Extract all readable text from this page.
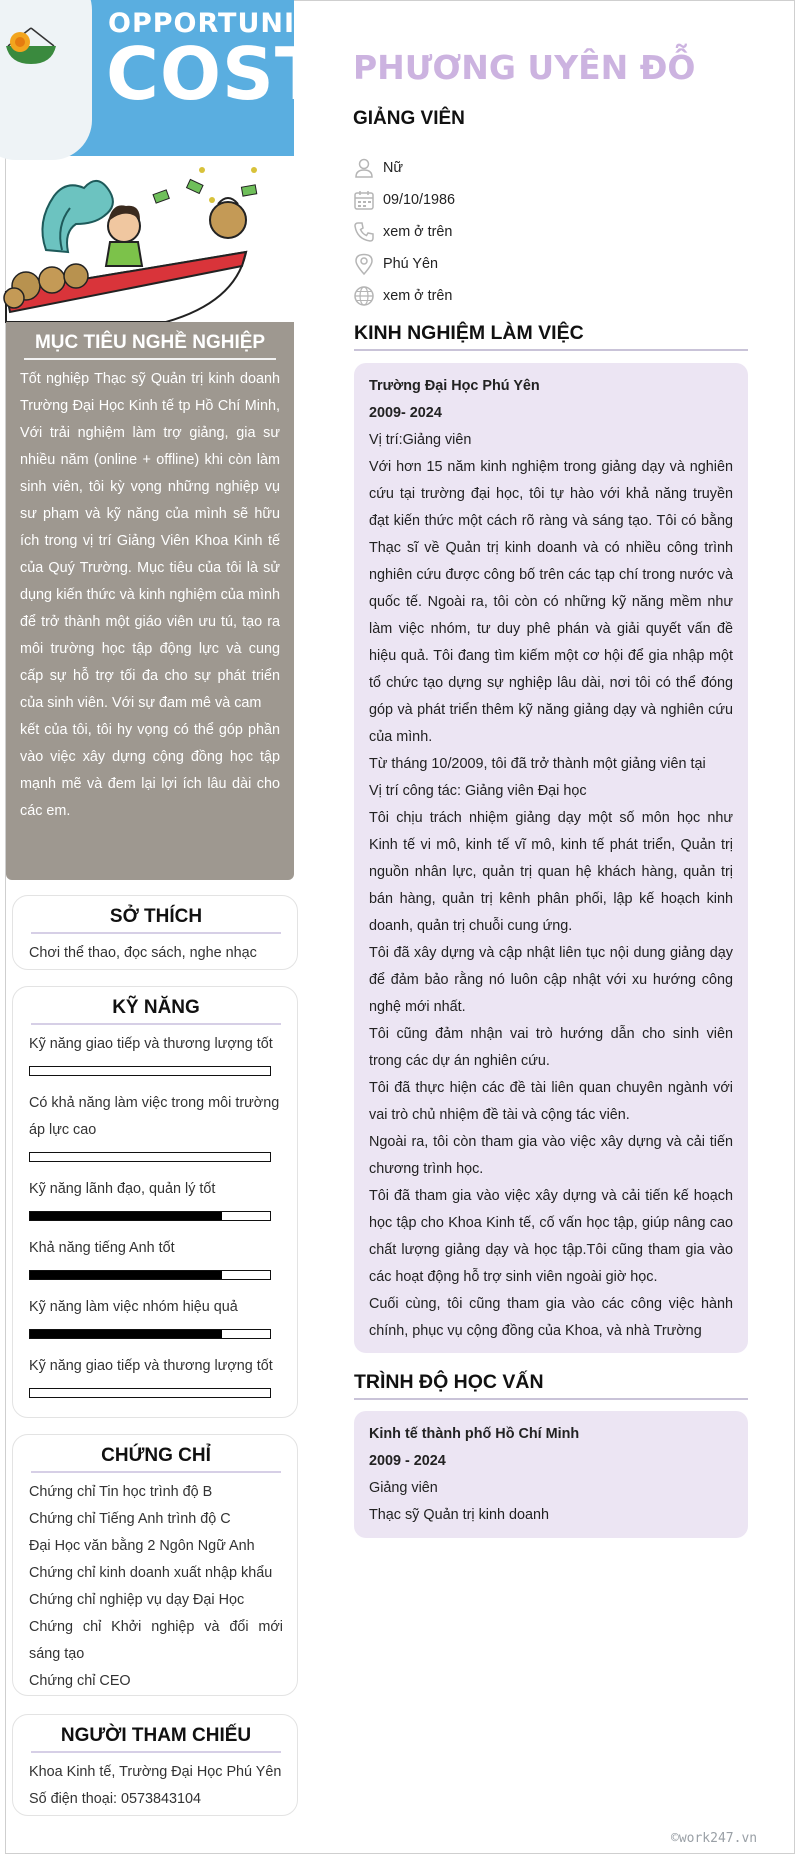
OPPORTUNITY
COST
MỤC TIÊU NGHỀ NGHIỆP
Tốt nghiệp Thạc sỹ Quản trị kinh doanh Trường Đại Học Kinh tế tp Hồ Chí Minh, Với trải nghiệm làm trợ giảng, gia sư nhiều năm (online + offline) khi còn làm sinh viên, tôi kỳ vọng những nghiệp vụ sư phạm và kỹ năng của mình sẽ hữu ích trong vị trí Giảng Viên Khoa Kinh tế của Quý Trường. Mục tiêu của tôi là sử dụng kiến thức và kinh nghiệm của mình để trở thành một giáo viên ưu tú, tạo ra môi trường học tập động lực và cung cấp sự hỗ trợ tối đa cho sự phát triển của sinh viên. Với sự đam mê và cam
kết của tôi, tôi hy vọng có thể góp phần vào việc xây dựng cộng đồng học tập mạnh mẽ và đem lại lợi ích lâu dài cho các em.
SỞ THÍCH
Chơi thể thao, đọc sách, nghe nhạc
KỸ NĂNG
Kỹ năng giao tiếp và thương lượng tốt
Có khả năng làm việc trong môi trường áp lực cao
Kỹ năng lãnh đạo, quản lý tốt
Khả năng tiếng Anh tốt
Kỹ năng làm việc nhóm hiệu quả
Kỹ năng giao tiếp và thương lượng tốt
CHỨNG CHỈ
Chứng chỉ Tin học trình độ B
Chứng chỉ Tiếng Anh trình độ C
Đại Học văn bằng 2 Ngôn Ngữ Anh
Chứng chỉ kinh doanh xuất nhập khẩu
Chứng chỉ nghiệp vụ dạy Đại Học
Chứng chỉ Khởi nghiệp và đổi mới sáng tạo
Chứng chỉ CEO
NGƯỜI THAM CHIẾU
Khoa Kinh tế, Trường Đại Học Phú Yên
Số điện thoại: 0573843104
PHƯƠNG UYÊN ĐỖ
GIẢNG VIÊN
Nữ
09/10/1986
xem ở trên
Phú Yên
xem ở trên
KINH NGHIỆM LÀM VIỆC
Trường Đại Học Phú Yên
2009- 2024
Vị trí:Giảng viên
Với hơn 15 năm kinh nghiệm trong giảng dạy và nghiên cứu tại trường đại học, tôi tự hào với khả năng truyền đạt kiến thức một cách rõ ràng và sáng tạo. Tôi có bằng Thạc sĩ về Quản trị kinh doanh và có nhiều công trình nghiên cứu được công bố trên các tạp chí trong nước và quốc tế. Ngoài ra, tôi còn có những kỹ năng mềm như làm việc nhóm, tư duy phê phán và giải quyết vấn đề hiệu quả. Tôi đang tìm kiếm một cơ hội để gia nhập một tổ chức tạo dựng sự nghiệp lâu dài, nơi tôi có thể đóng góp và phát triển thêm kỹ năng giảng dạy và nghiên cứu của mình.
Từ tháng 10/2009, tôi đã trở thành một giảng viên tại
Vị trí công tác: Giảng viên Đại học
Tôi chịu trách nhiệm giảng dạy một số môn học như Kinh tế vi mô, kinh tế vĩ mô, kinh tế phát triển, Quản trị nguồn nhân lực, quản trị quan hệ khách hàng, quản trị bán hàng, quản trị kênh phân phối, lập kế hoạch kinh doanh, quản trị chuỗi cung ứng.
Tôi đã xây dựng và cập nhật liên tục nội dung giảng dạy để đảm bảo rằng nó luôn cập nhật với xu hướng công nghệ mới nhất.
Tôi cũng đảm nhận vai trò hướng dẫn cho sinh viên trong các dự án nghiên cứu.
Tôi đã thực hiện các đề tài liên quan chuyên ngành với vai trò chủ nhiệm đề tài và cộng tác viên.
Ngoài ra, tôi còn tham gia vào việc xây dựng và cải tiến chương trình học.
Tôi đã tham gia vào việc xây dựng và cải tiến kế hoạch học tập cho Khoa Kinh tế, cố vấn học tập, giúp nâng cao chất lượng giảng dạy và học tập.Tôi cũng tham gia vào các hoạt động hỗ trợ sinh viên ngoài giờ học.
Cuối cùng, tôi cũng tham gia vào các công việc hành chính, phục vụ cộng đồng của Khoa, và nhà Trường
TRÌNH ĐỘ HỌC VẤN
Kinh tế thành phố Hồ Chí Minh
2009 - 2024
Giảng viên
Thạc sỹ Quản trị kinh doanh
©work247.vn
